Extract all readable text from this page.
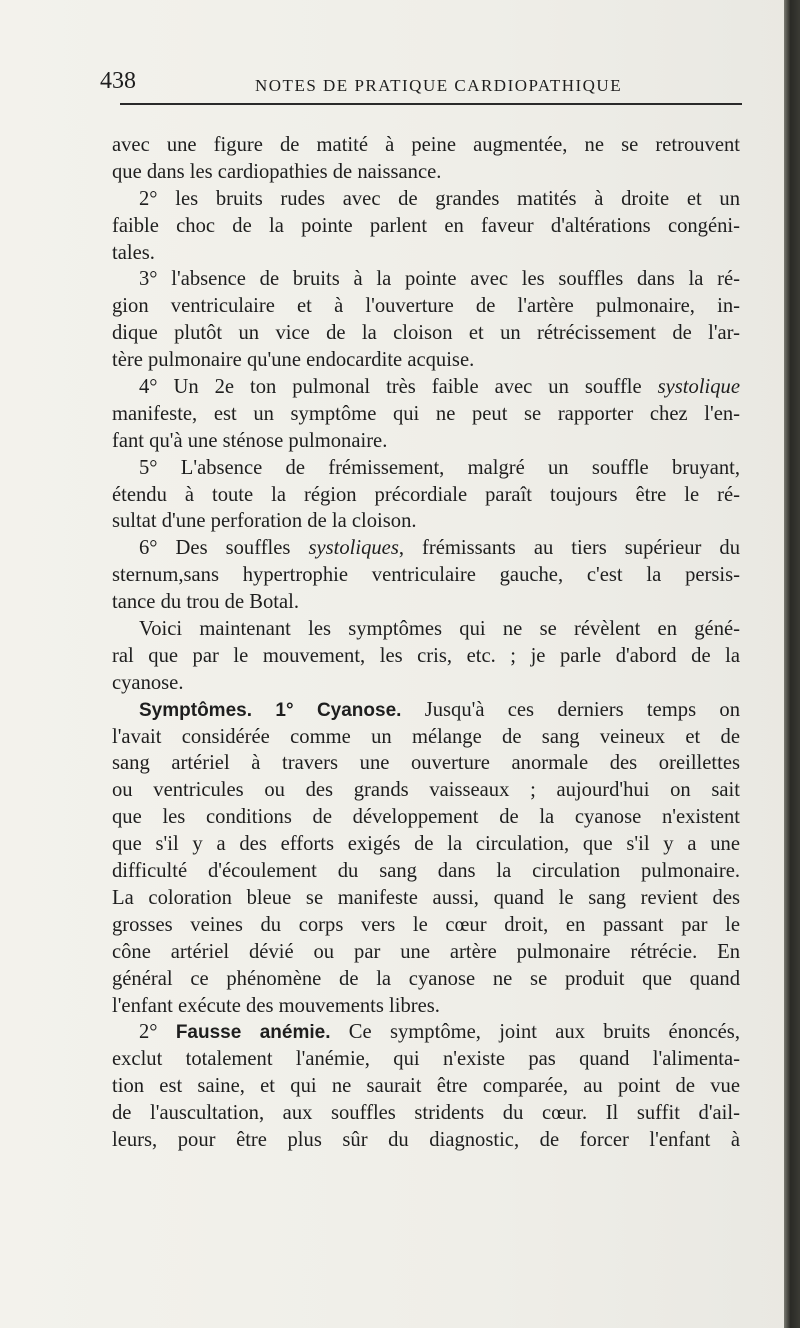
438	NOTES DE PRATIQUE CARDIOPATHIQUE
avec une figure de matité à peine augmentée, ne se retrouvent
que dans les cardiopathies de naissance.
2° les bruits rudes avec de grandes matités à droite et un
faible choc de la pointe parlent en faveur d'altérations congéni-
tales.
3° l'absence de bruits à la pointe avec les souffles dans la ré-
gion ventriculaire et à l'ouverture de l'artère pulmonaire, in-
dique plutôt un vice de la cloison et un rétrécissement de l'ar-
tère pulmonaire qu'une endocardite acquise.
4° Un 2e ton pulmonal très faible avec un souffle systolique
manifeste, est un symptôme qui ne peut se rapporter chez l'en-
fant qu'à une sténose pulmonaire.
5° L'absence de frémissement, malgré un souffle bruyant,
étendu à toute la région précordiale paraît toujours être le ré-
sultat d'une perforation de la cloison.
6° Des souffles systoliques, frémissants au tiers supérieur du
sternum,sans hypertrophie ventriculaire gauche, c'est la persis-
tance du trou de Botal.
Voici maintenant les symptômes qui ne se révèlent en géné-
ral que par le mouvement, les cris, etc. ; je parle d'abord de la
cyanose.
Symptômes. 1° Cyanose. Jusqu'à ces derniers temps on
l'avait considérée comme un mélange de sang veineux et de
sang artériel à travers une ouverture anormale des oreillettes
ou ventricules ou des grands vaisseaux ; aujourd'hui on sait
que les conditions de développement de la cyanose n'existent
que s'il y a des efforts exigés de la circulation, que s'il y a une
difficulté d'écoulement du sang dans la circulation pulmonaire.
La coloration bleue se manifeste aussi, quand le sang revient des
grosses veines du corps vers le cœur droit, en passant par le
cône artériel dévié ou par une artère pulmonaire rétrécie. En
général ce phénomène de la cyanose ne se produit que quand
l'enfant exécute des mouvements libres.
2° Fausse anémie. Ce symptôme, joint aux bruits énoncés,
exclut totalement l'anémie, qui n'existe pas quand l'alimenta-
tion est saine, et qui ne saurait être comparée, au point de vue
de l'auscultation, aux souffles stridents du cœur. Il suffit d'ail-
leurs, pour être plus sûr du diagnostic, de forcer l'enfant à
